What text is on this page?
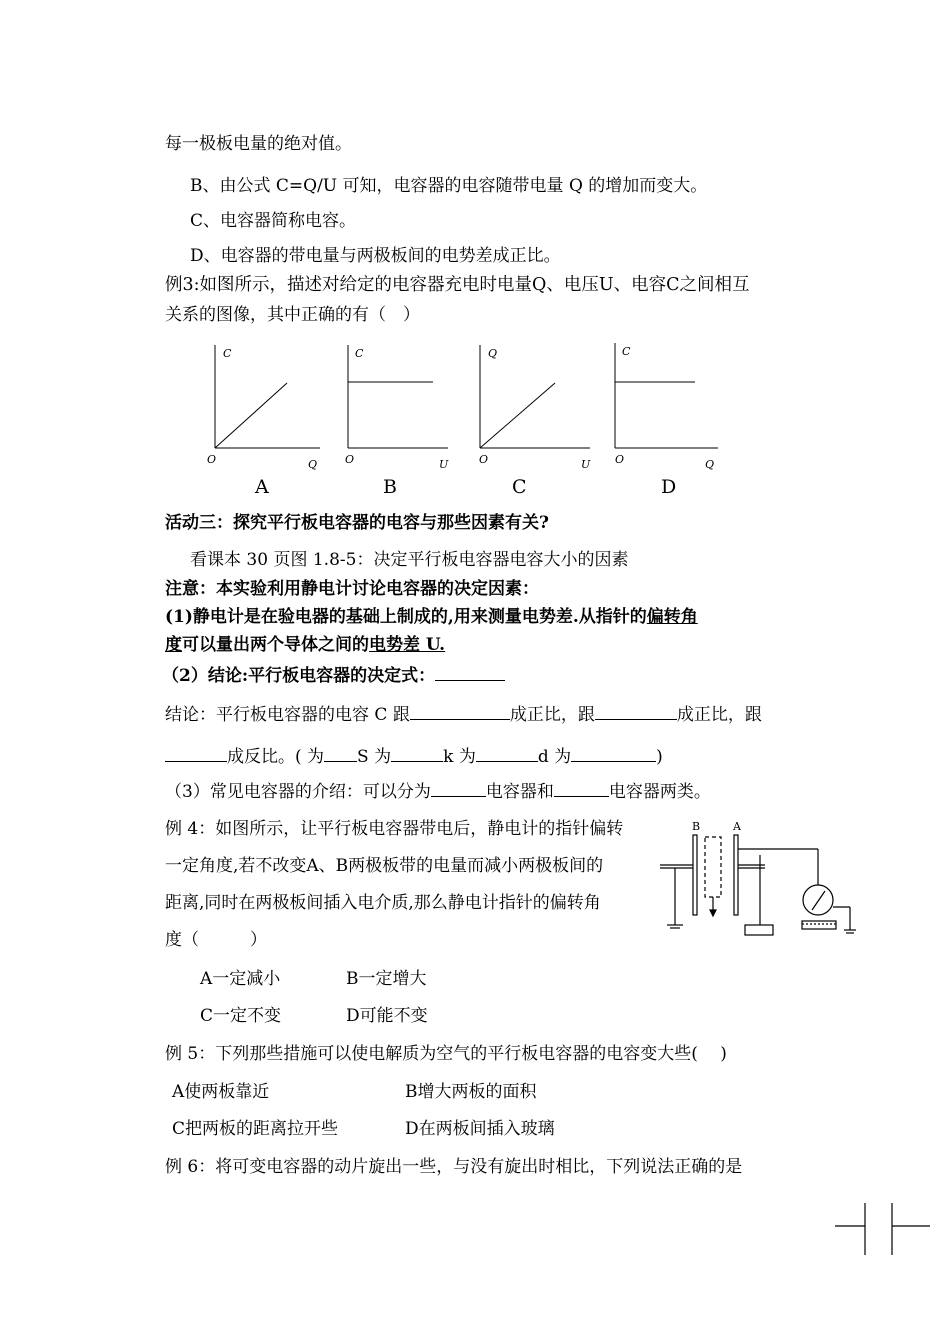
每一极板电量的绝对值。
B、由公式 C=Q/U 可知，电容器的电容随带电量 Q 的增加而变大。
C、电容器简称电容。
D、电容器的带电量与两极板间的电势差成正比。
例3:如图所示，描述对给定的电容器充电时电量Q、电压U、电容C之间相互
关系的图像，其中正确的有（　）
C
O	Q
A
C
O	U
B
Q
O	U
C
C
O	Q
D
活动三：探究平行板电容器的电容与那些因素有关?
看课本 30 页图 1.8-5：决定平行板电容器电容大小的因素
注意：本实验利用静电计讨论电容器的决定因素：
(1)静电计是在验电器的基础上制成的,用来测量电势差.从指针的偏转角
度可以量出两个导体之间的电势差 U.
（2）结论:平行板电容器的决定式：
结论：平行板电容器的电容 C 跟	成正比，跟	成正比，跟
成反比。( 为 S 为	k 为	d 为	)
（3）常见电容器的介绍：可以分为	电容器和	电容器两类。
例 4：如图所示，让平行板电容器带电后，静电计的指针偏转
一定角度,若不改变A、B两极板带的电量而减小两极板间的
距离,同时在两极板间插入电介质,那么静电计指针的偏转角
度（　　　）
B	A
A一定减小	B一定增大
C一定不变	D可能不变
例 5：下列那些措施可以使电解质为空气的平行板电容器的电容变大些(　 )
A使两板靠近	B增大两板的面积
C把两板的距离拉开些	D在两板间插入玻璃
例 6：将可变电容器的动片旋出一些，与没有旋出时相比，下列说法正确的是
